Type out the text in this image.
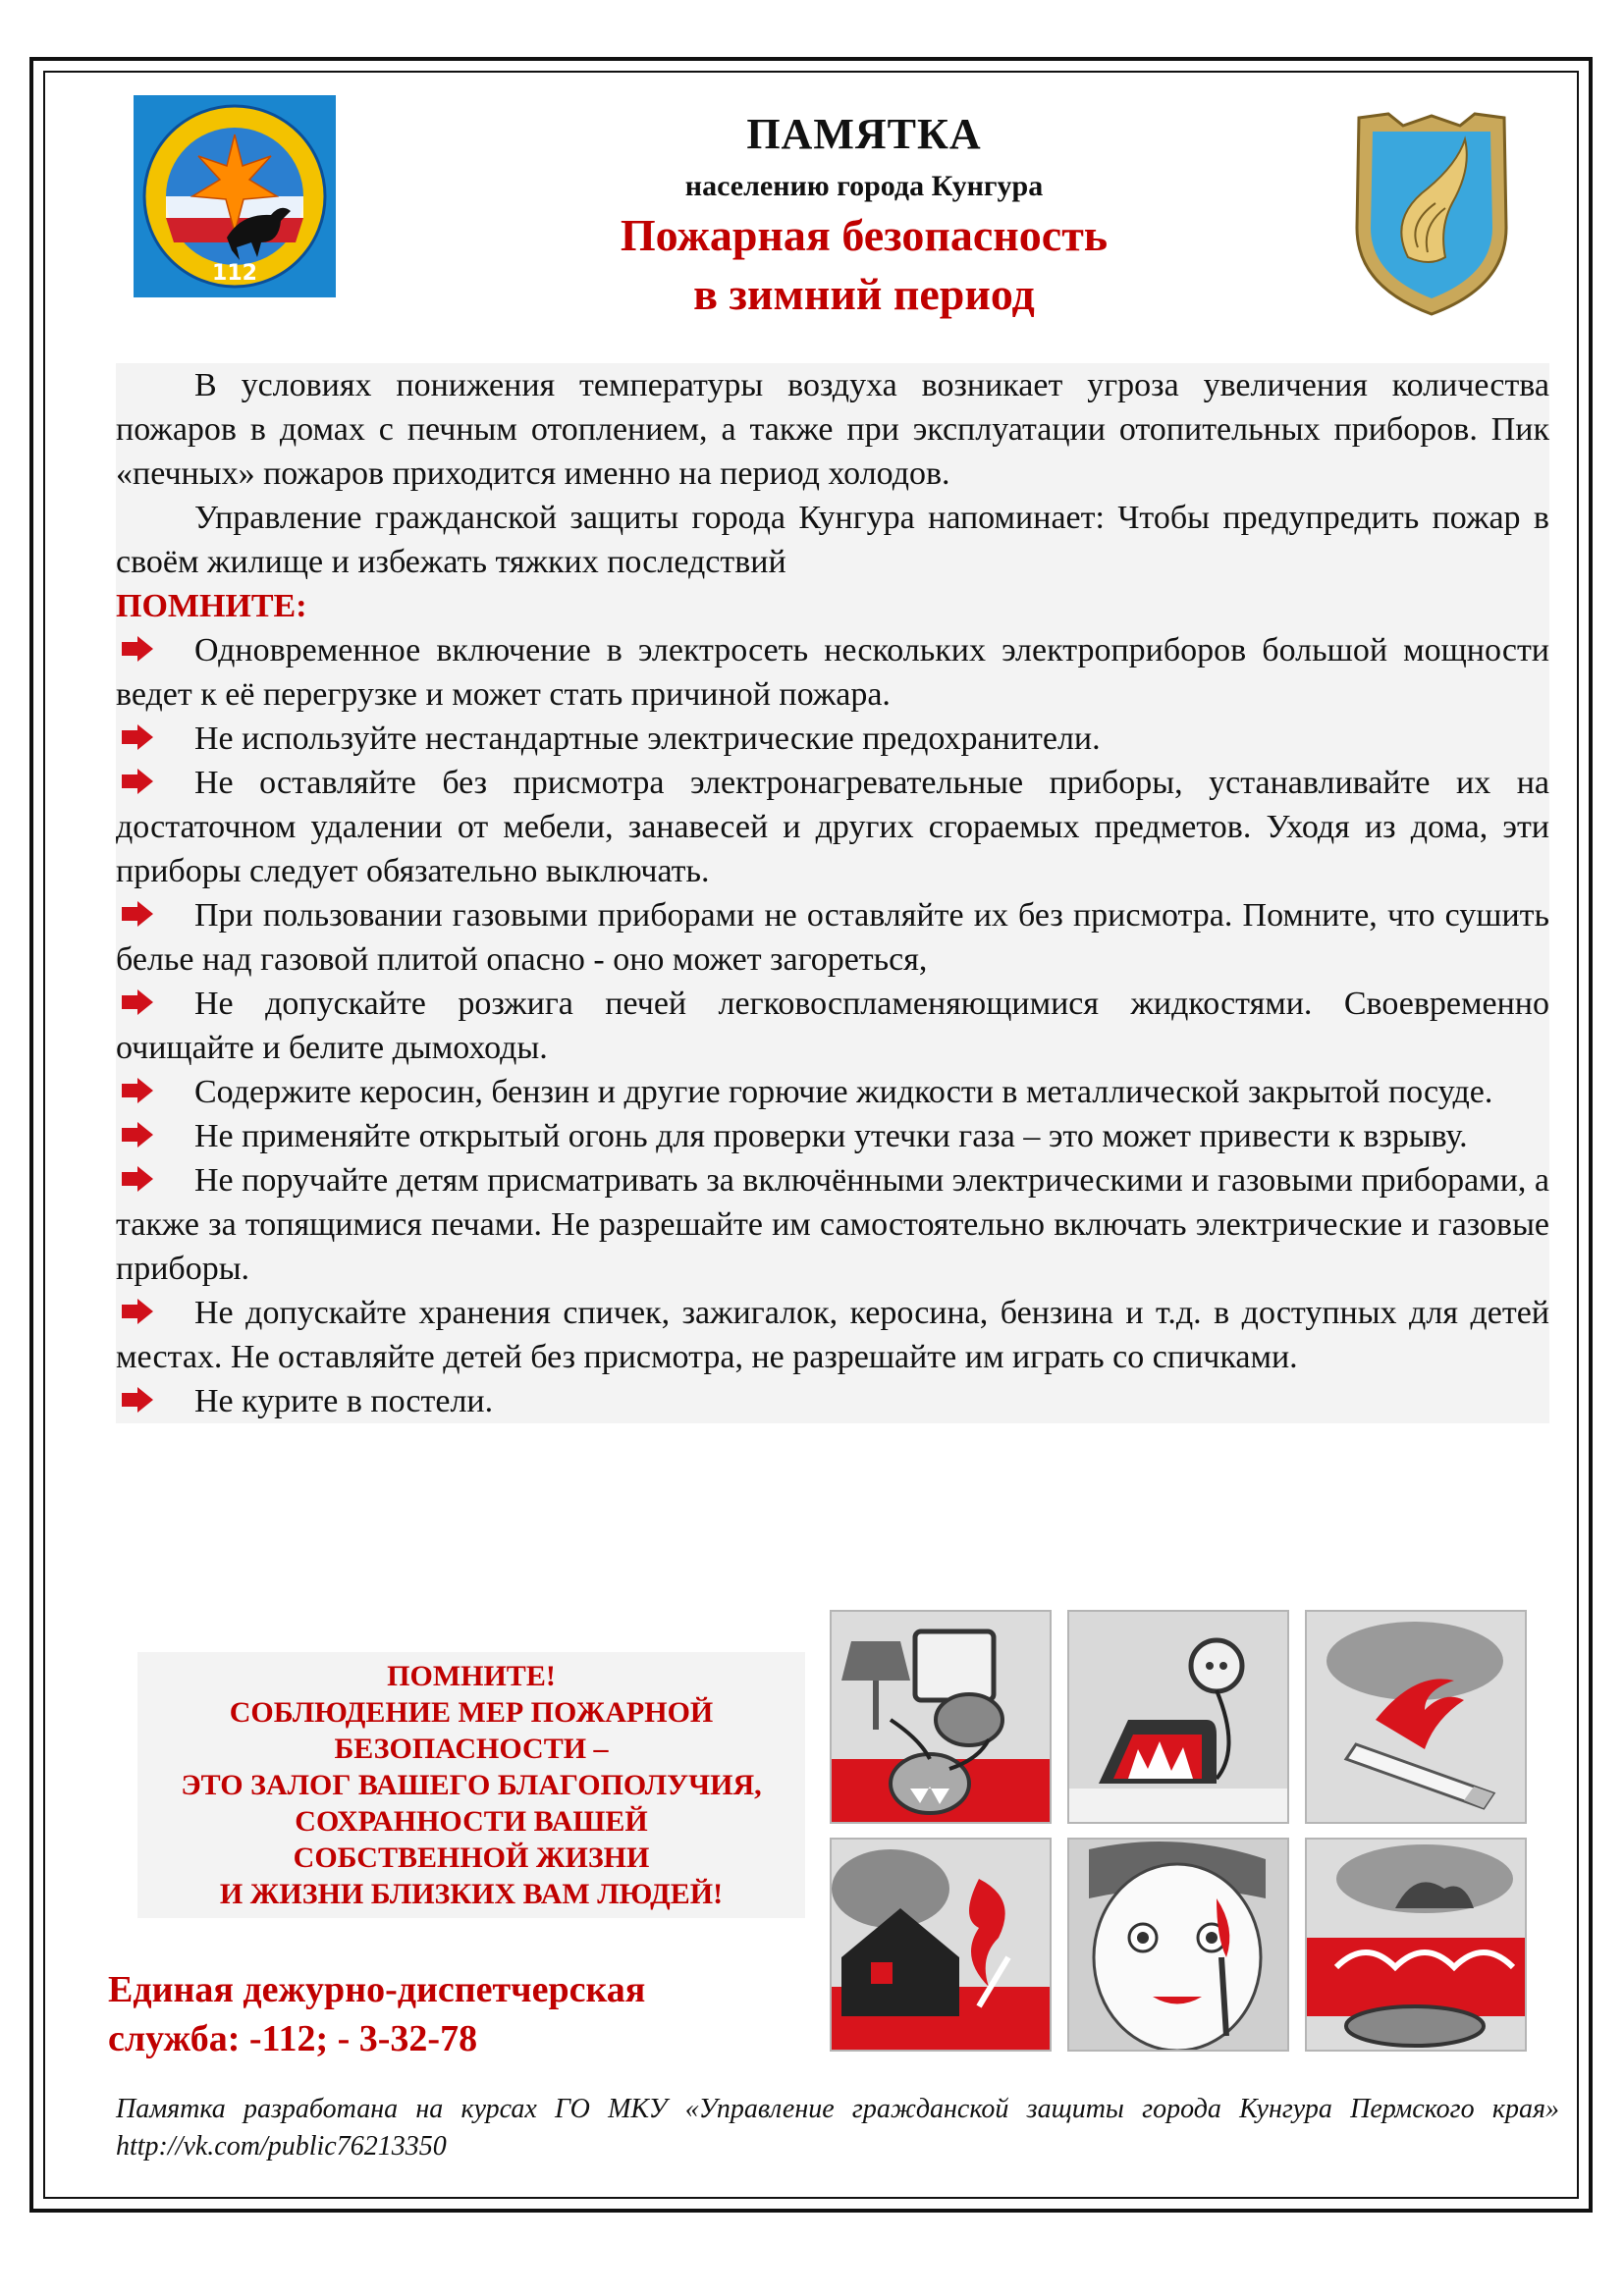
112
ПАМЯТКА
населению города Кунгура
Пожарная безопасность
в зимний период

В условиях понижения температуры воздуха возникает угроза увеличения количества пожаров в домах с печным отоплением, а также при эксплуатации отопительных приборов. Пик «печных» пожаров приходится именно на период холодов.

Управление гражданской защиты города Кунгура напоминает: Чтобы предупредить пожар в своём жилище и избежать тяжких последствий

ПОМНИТЕ:

Одновременное включение в электросеть нескольких электроприборов большой мощности ведет к её перегрузке и может стать причиной пожара.

Не используйте нестандартные электрические предохранители.

Не оставляйте без присмотра электронагревательные приборы, устанавливайте их на достаточном удалении от мебели, занавесей и других сгораемых предметов. Уходя из дома, эти приборы следует обязательно выключать.

При пользовании газовыми приборами не оставляйте их без присмотра. Помните, что сушить белье над газовой плитой опасно - оно может загореться,

Не допускайте розжига печей легковоспламеняющимися жидкостями. Своевременно очищайте и белите дымоходы.

Содержите керосин, бензин и другие горючие жидкости в металлической закрытой посуде.

Не применяйте открытый огонь для проверки утечки газа – это может привести к взрыву.

Не поручайте детям присматривать за включёнными электрическими и газовыми приборами, а также за топящимися печами. Не разрешайте им самостоятельно включать электрические и газовые приборы.

Не допускайте хранения спичек, зажигалок, керосина, бензина и т.д. в доступных для детей местах. Не оставляйте детей без присмотра, не разрешайте им играть со спичками.

Не курите в постели.

ПОМНИТЕ!
СОБЛЮДЕНИЕ МЕР ПОЖАРНОЙ
БЕЗОПАСНОСТИ –
ЭТО ЗАЛОГ ВАШЕГО БЛАГОПОЛУЧИЯ,
СОХРАННОСТИ ВАШЕЙ
СОБСТВЕННОЙ ЖИЗНИ
И ЖИЗНИ БЛИЗКИХ ВАМ ЛЮДЕЙ!
Единая дежурно-диспетчерская
служба: -112; - 3-32-78
Памятка разработана на курсах ГО МКУ «Управление гражданской защиты города Кунгура Пермского края» http://vk.com/public76213350
